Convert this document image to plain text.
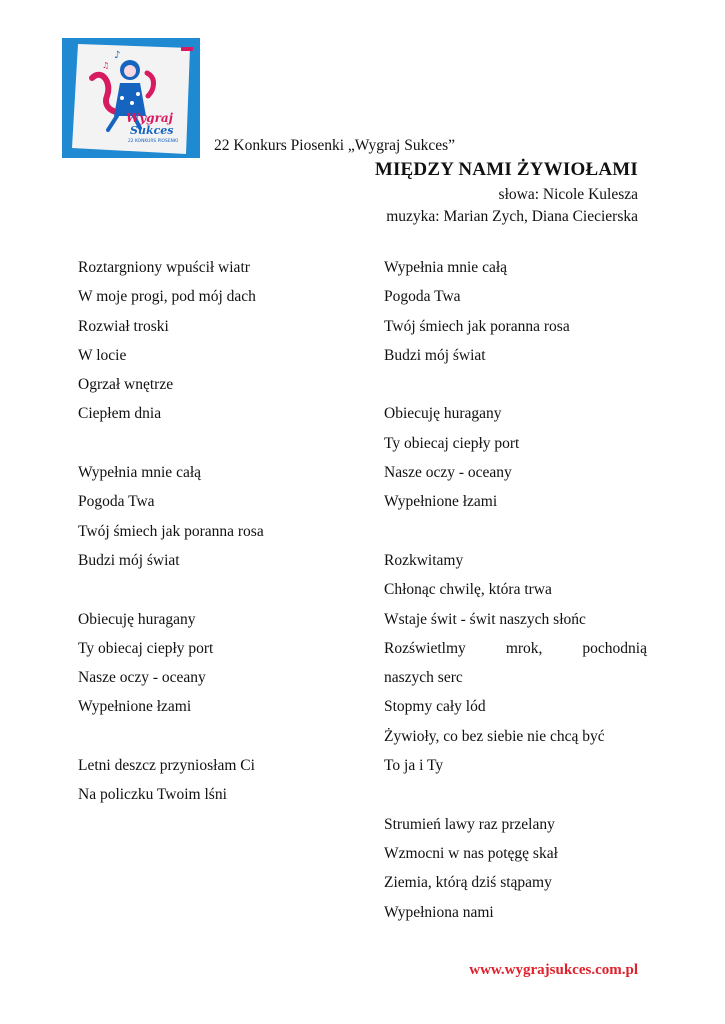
♪
♫
Wygraj
Sukces
22 KONKURS PIOSENKI 22 Konkurs Piosenki „Wygraj Sukces”
MIĘDZY NAMI ŻYWIOŁAMI
słowa: Nicole Kulesza
muzyka: Marian Zych, Diana Ciecierska
Roztargniony wpuścił wiatr
W moje progi, pod mój dach
Rozwiał troski
W locie
Ogrzał wnętrze
Ciepłem dnia
Wypełnia mnie całą
Pogoda Twa
Twój śmiech jak poranna rosa
Budzi mój świat
Obiecuję huragany
Ty obiecaj ciepły port
Nasze oczy - oceany
Wypełnione łzami
Letni deszcz przyniosłam Ci
Na policzku Twoim lśni
Wypełnia mnie całą
Pogoda Twa
Twój śmiech jak poranna rosa
Budzi mój świat
Obiecuję huragany
Ty obiecaj ciepły port
Nasze oczy - oceany
Wypełnione łzami
Rozkwitamy
Chłonąc chwilę, która trwa
Wstaje świt - świt naszych słońc
Rozświetlmy	mrok,	pochodnią
naszych serc
Stopmy cały lód
Żywioły, co bez siebie nie chcą być
To ja i Ty
Strumień lawy raz przelany
Wzmocni w nas potęgę skał
Ziemia, którą dziś stąpamy
Wypełniona nami
www.wygrajsukces.com.pl
